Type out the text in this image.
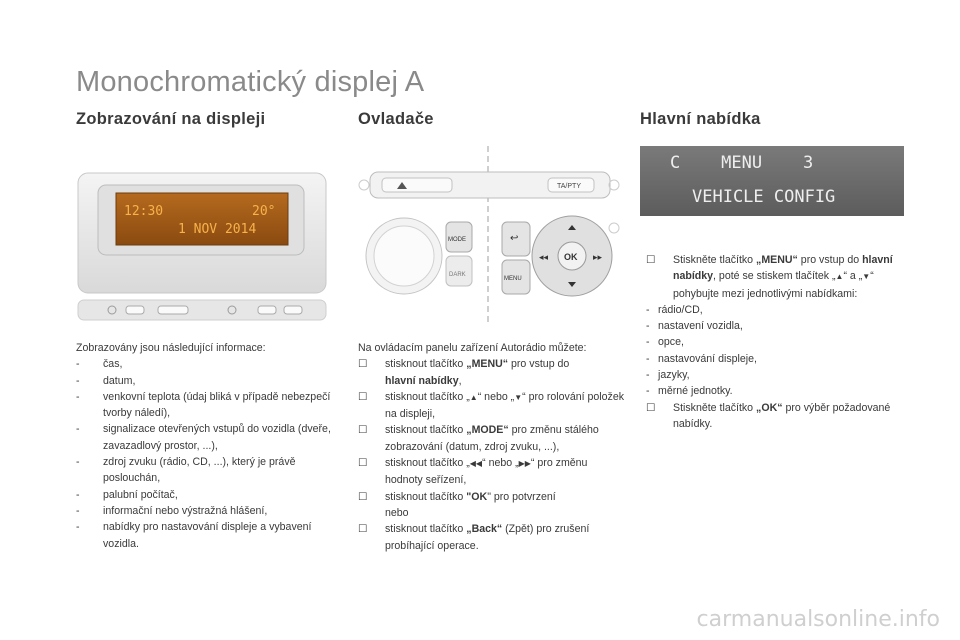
Monochromatický displej A
Zobrazování na displeji
12:30	20°
1 NOV 2014
Zobrazovány jsou následující informace:
- čas,
- datum,
- venkovní teplota (údaj bliká v případě nebezpečí tvorby náledí),
- signalizace otevřených vstupů do vozidla (dveře, zavazadlový prostor, ...),
- zdroj zvuku (rádio, CD, ...), který je právě poslouchán,
- palubní počítač,
- informační nebo výstražná hlášení,
- nabídky pro nastavování displeje a vybavení vozidla.
Ovladače
TA/PTY
MODE
DARK
↩
MENU
OK
◂◂	▸▸
Na ovládacím panelu zařízení Autorádio můžete:
☐ stisknout tlačítko „MENU“ pro vstup do
hlavní nabídky,
☐ stisknout tlačítko „▲“ nebo „▼“ pro rolování položek na displeji,
☐ stisknout tlačítko „MODE“ pro změnu stálého zobrazování (datum, zdroj zvuku, ...),
☐ stisknout tlačítko „◀◀“ nebo „▶▶“ pro změnu hodnoty seřízení,
☐ stisknout tlačítko "OK" pro potvrzení
nebo
☐ stisknout tlačítko „Back“ (Zpět) pro zrušení probíhající operace.
Hlavní nabídka
C    MENU    3
VEHICLE CONFIG
☐ Stiskněte tlačítko „MENU“ pro vstup do hlavní nabídky, poté se stiskem tlačítek „▲“ a „▼“ pohybujte mezi jednotlivými nabídkami:
- rádio/CD,
- nastavení vozidla,
- opce,
- nastavování displeje,
- jazyky,
- měrné jednotky.
☐ Stiskněte tlačítko „OK“ pro výběr požadované nabídky.
carmanualsonline.info
